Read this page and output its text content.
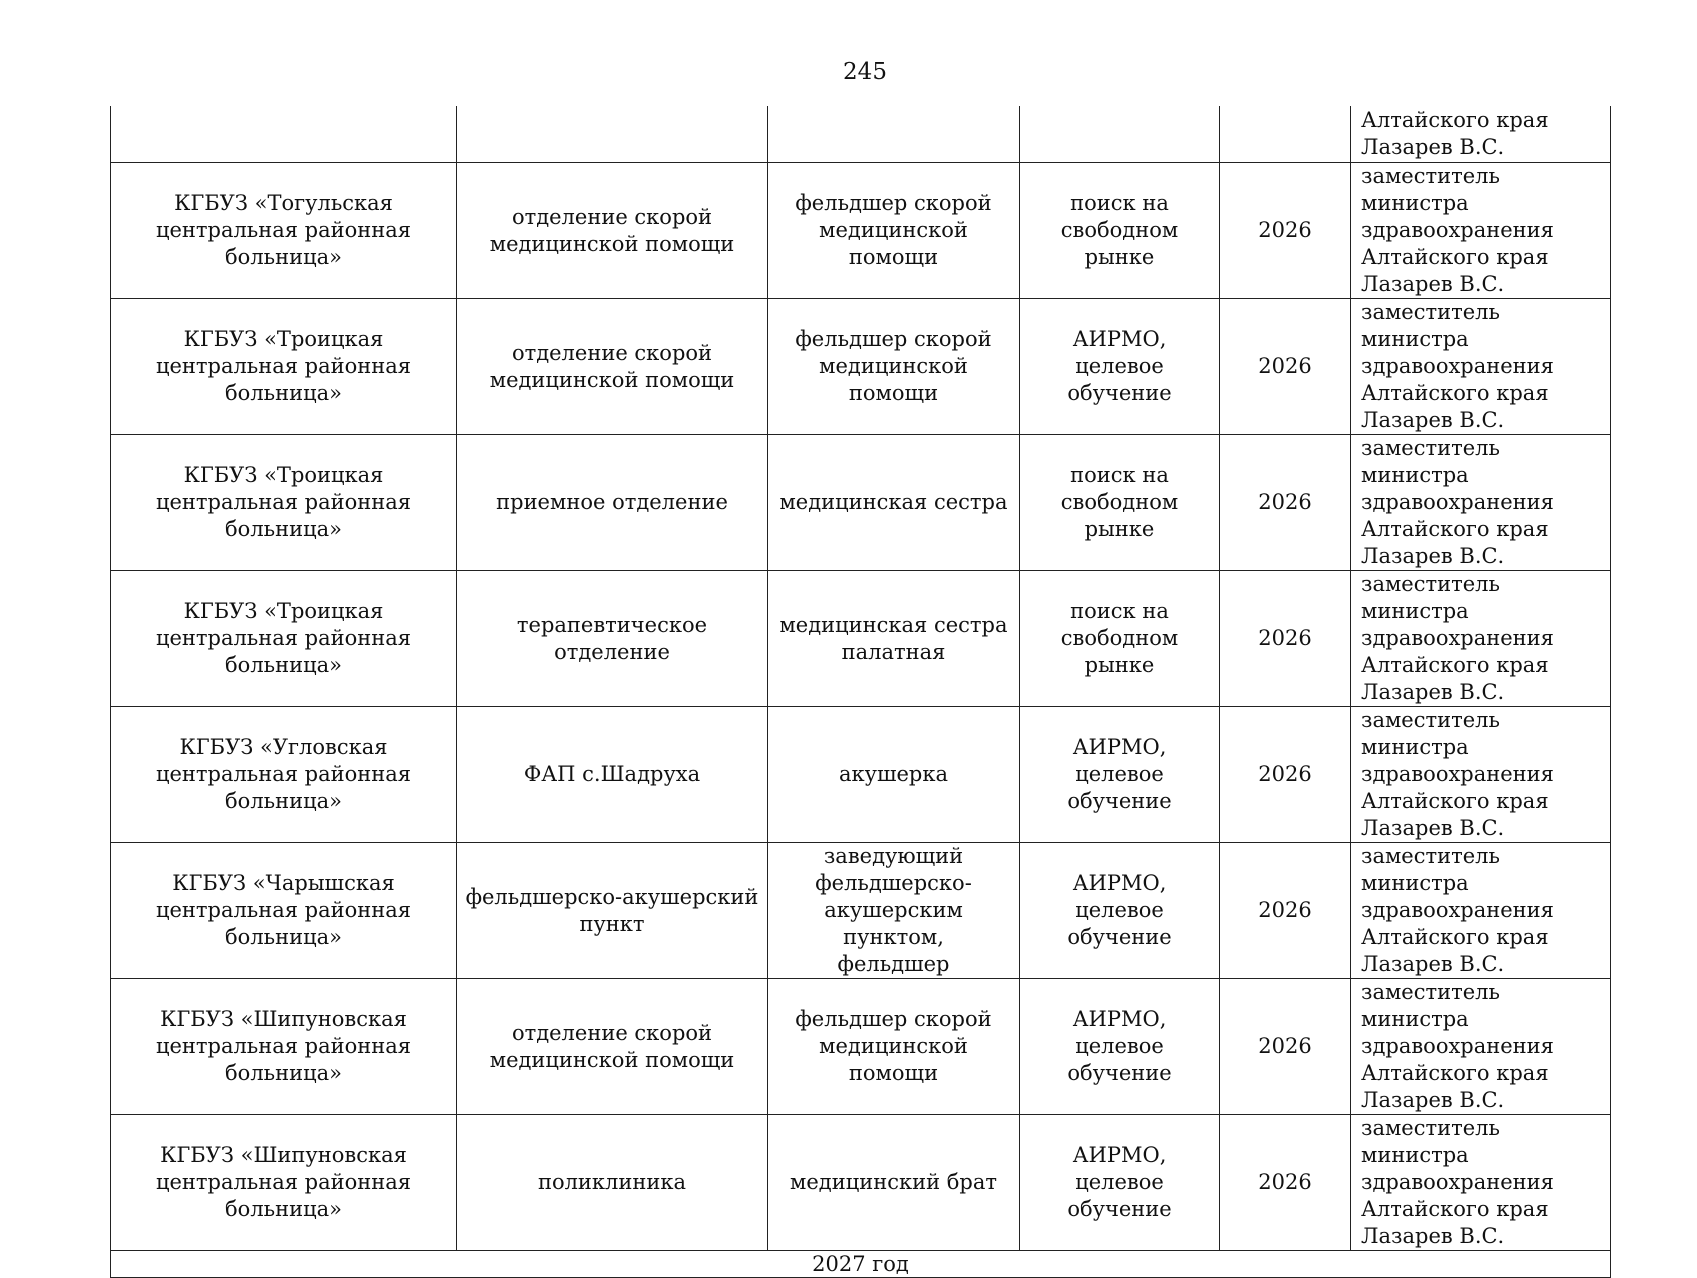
245

					Алтайского края
Лазарев В.С.

КГБУЗ «Тогульская
центральная районная
больница»	отделение скорой
медицинской помощи	фельдшер скорой
медицинской помощи	поиск на
свободном
рынке	2026	заместитель министра
здравоохранения
Алтайского края
Лазарев В.С.

КГБУЗ «Троицкая
центральная районная
больница»	отделение скорой
медицинской помощи	фельдшер скорой
медицинской помощи	АИРМО,
целевое
обучение	2026	заместитель министра
здравоохранения
Алтайского края
Лазарев В.С.

КГБУЗ «Троицкая
центральная районная
больница»	приемное отделение	медицинская сестра	поиск на
свободном
рынке	2026	заместитель министра
здравоохранения
Алтайского края
Лазарев В.С.

КГБУЗ «Троицкая
центральная районная
больница»	терапевтическое отделение	медицинская сестра
палатная	поиск на
свободном
рынке	2026	заместитель министра
здравоохранения
Алтайского края
Лазарев В.С.

КГБУЗ «Угловская
центральная районная
больница»	ФАП с.Шадруха	акушерка	АИРМО,
целевое
обучение	2026	заместитель министра
здравоохранения
Алтайского края
Лазарев В.С.

КГБУЗ «Чарышская
центральная районная
больница»	фельдшерско-акушерский
пункт	заведующий
фельдшерско-
акушерским пунктом,
фельдшер	АИРМО,
целевое
обучение	2026	заместитель министра
здравоохранения
Алтайского края
Лазарев В.С.

КГБУЗ «Шипуновская
центральная районная
больница»	отделение скорой
медицинской помощи	фельдшер скорой
медицинской помощи	АИРМО,
целевое
обучение	2026	заместитель министра
здравоохранения
Алтайского края
Лазарев В.С.

КГБУЗ «Шипуновская
центральная районная
больница»	поликлиника	медицинский брат	АИРМО,
целевое
обучение	2026	заместитель министра
здравоохранения
Алтайского края
Лазарев В.С.

2027 год					
